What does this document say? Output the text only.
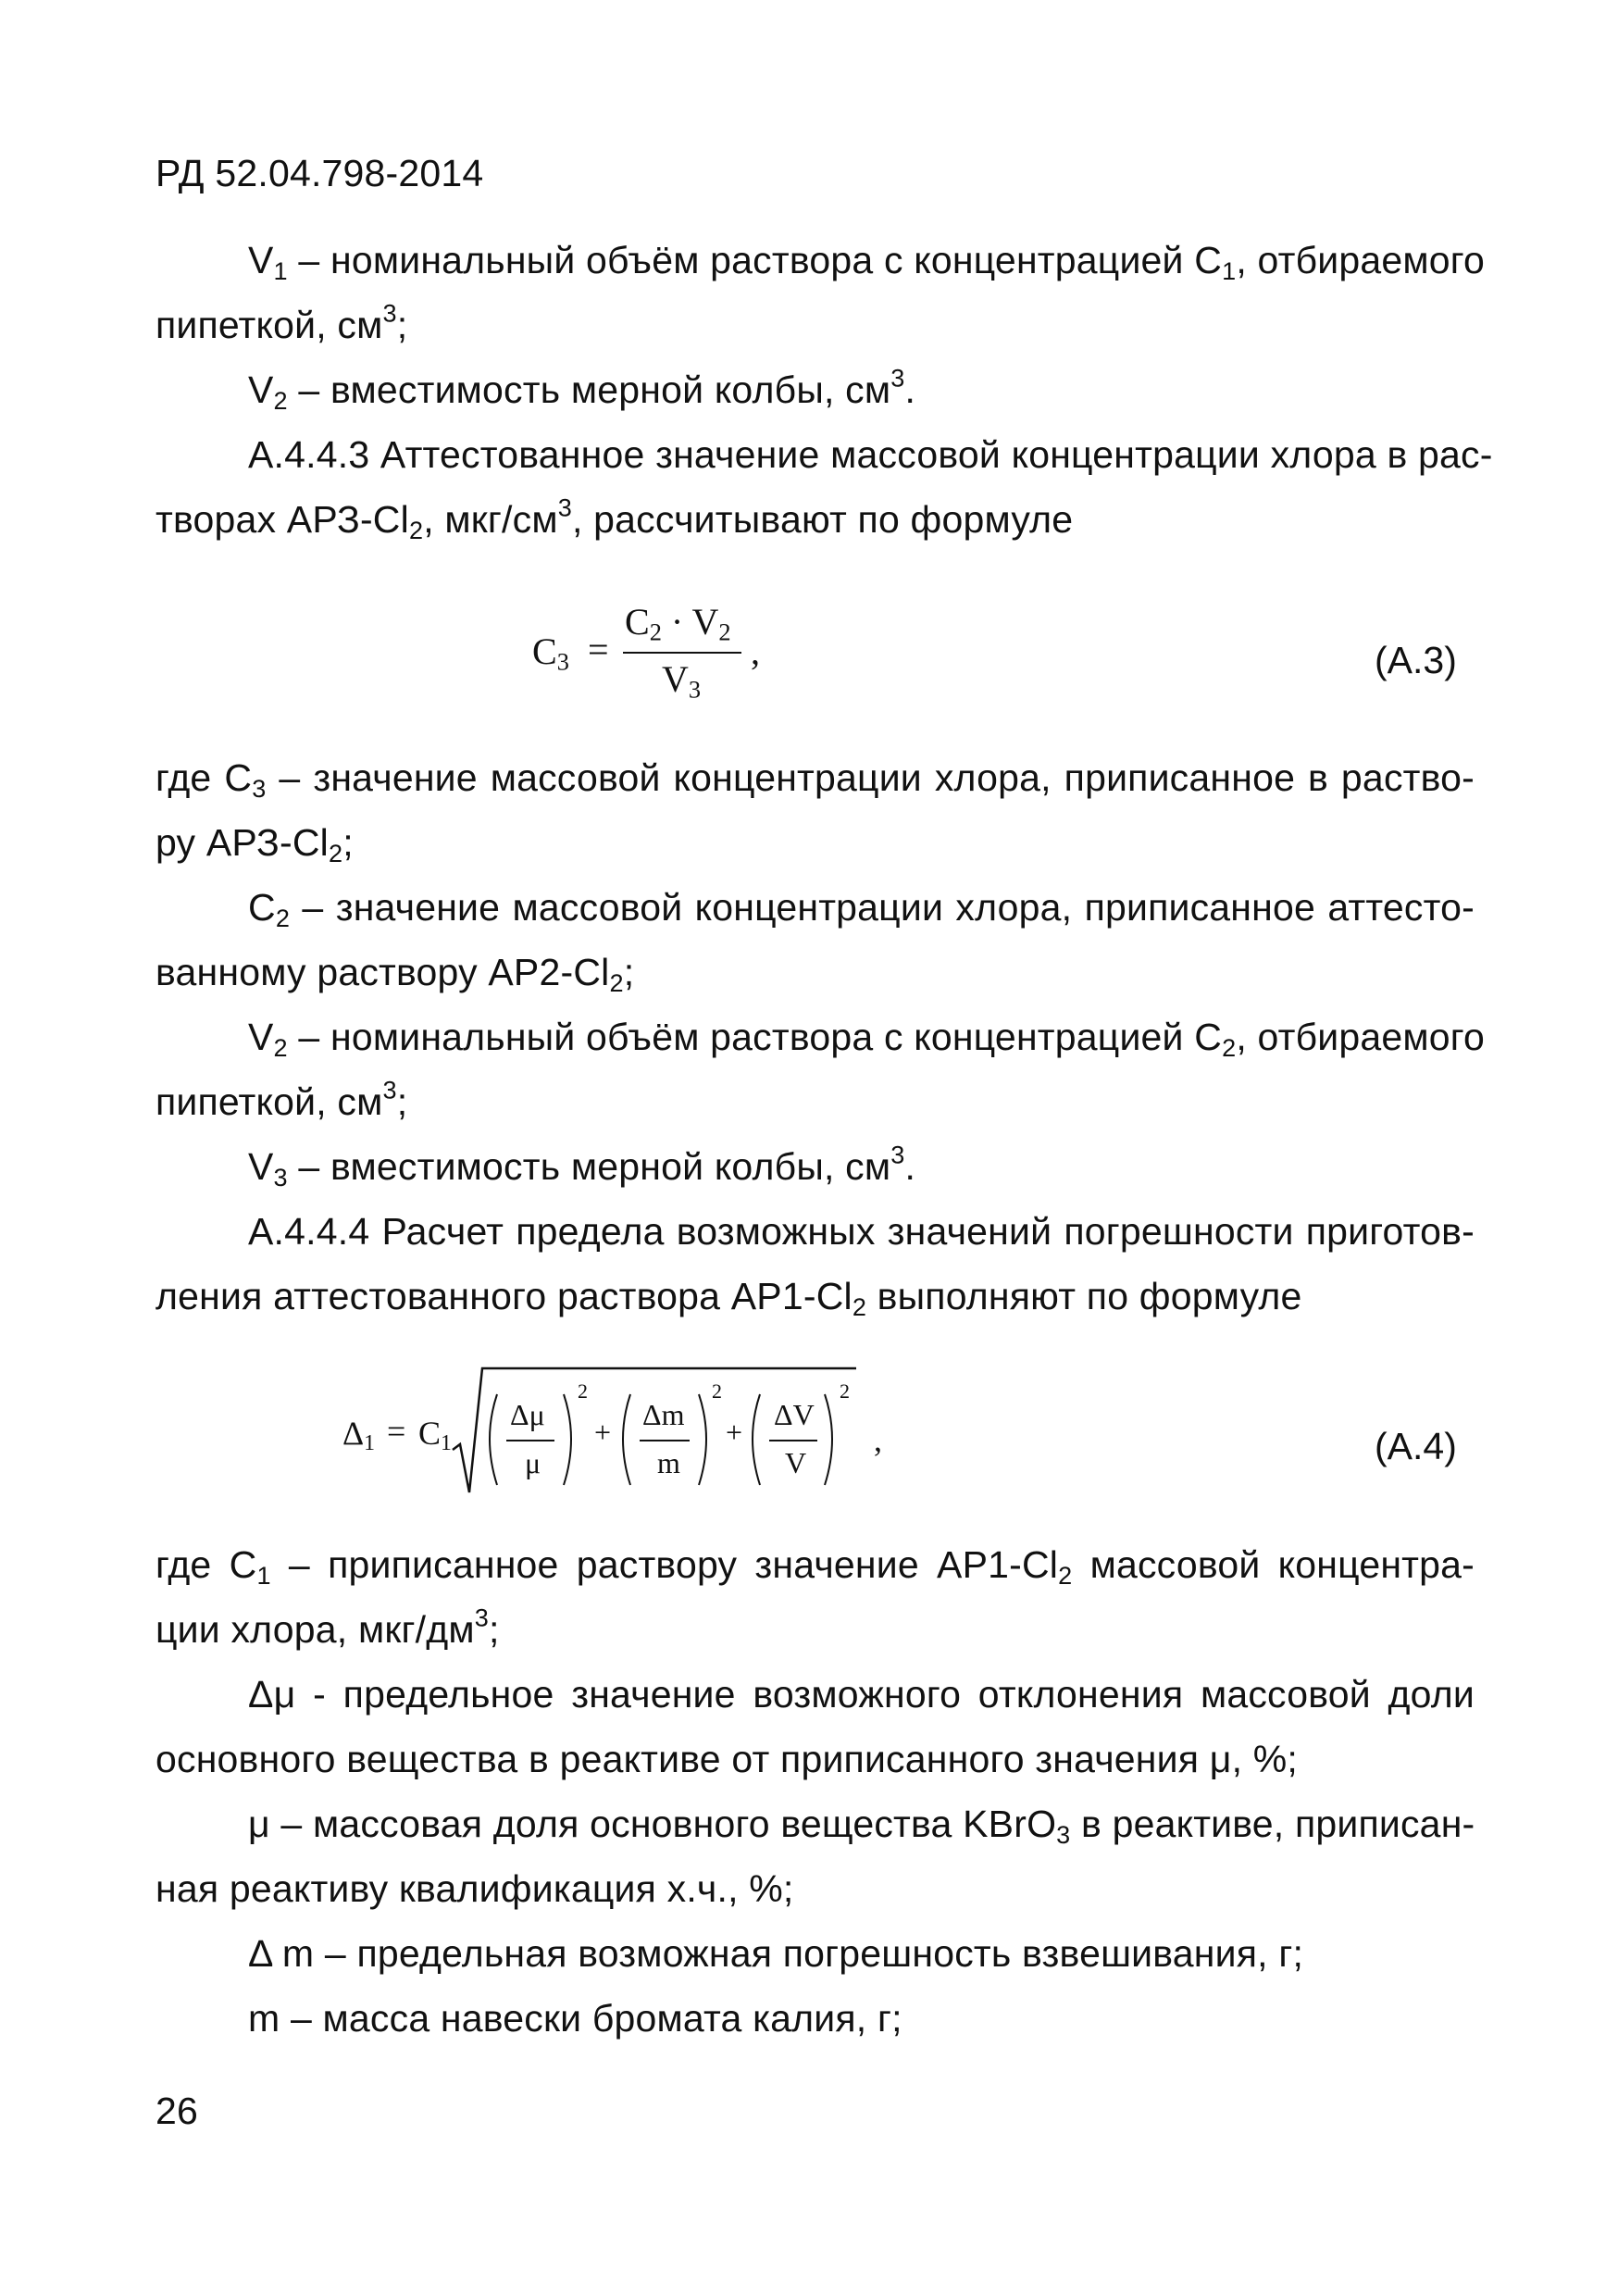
РД 52.04.798-2014
$V_1$ – номинальный объём раствора с концентрацией $C_1$, отбираемого
пипеткой, $см^3$;
$V_2$ – вместимость мерной колбы, $см^3$.
А.4.4.3 Аттестованное значение массовой концентрации хлора в рас-
творах АРЗ-$Cl_2$, мкг/$см^3$, рассчитывают по формуле
$C_3$ =
$C_2 \cdot V_2$
$V_3$
,	(А.3)
где $C_3$ – значение массовой концентрации хлора, приписанное в раство-
ру АРЗ-$Cl_2$;
$C_2$ – значение массовой концентрации хлора, приписанное аттесто-
ванному раствору $АР2-Cl_2$;
$V_2$ – номинальный объём раствора с концентрацией $C_2$, отбираемого
пипеткой, $см^3$;
$V_3$ – вместимость мерной колбы, $см^3$.
А.4.4.4 Расчет предела возможных значений погрешности приготов-
ления аттестованного раствора $АР1-Cl_2$ выполняют по формуле
$\Delta_1 = C_1$
Δμ
μ
2
+
Δm
m
2
+
ΔV
V
2
,	(А.4)
где $C_1$ – приписанное раствору значение $АР1-Cl_2$ массовой концентра-
ции хлора, мкг/$дм^3$;
Δμ - предельное значение возможного отклонения массовой доли
основного вещества в реактиве от приписанного значения μ, %;
μ – массовая доля основного вещества KBrO$_3$ в реактиве, приписан-
ная реактиву квалификация х.ч., %;
Δ m – предельная возможная погрешность взвешивания, г;
m – масса навески бромата калия, г;
26
